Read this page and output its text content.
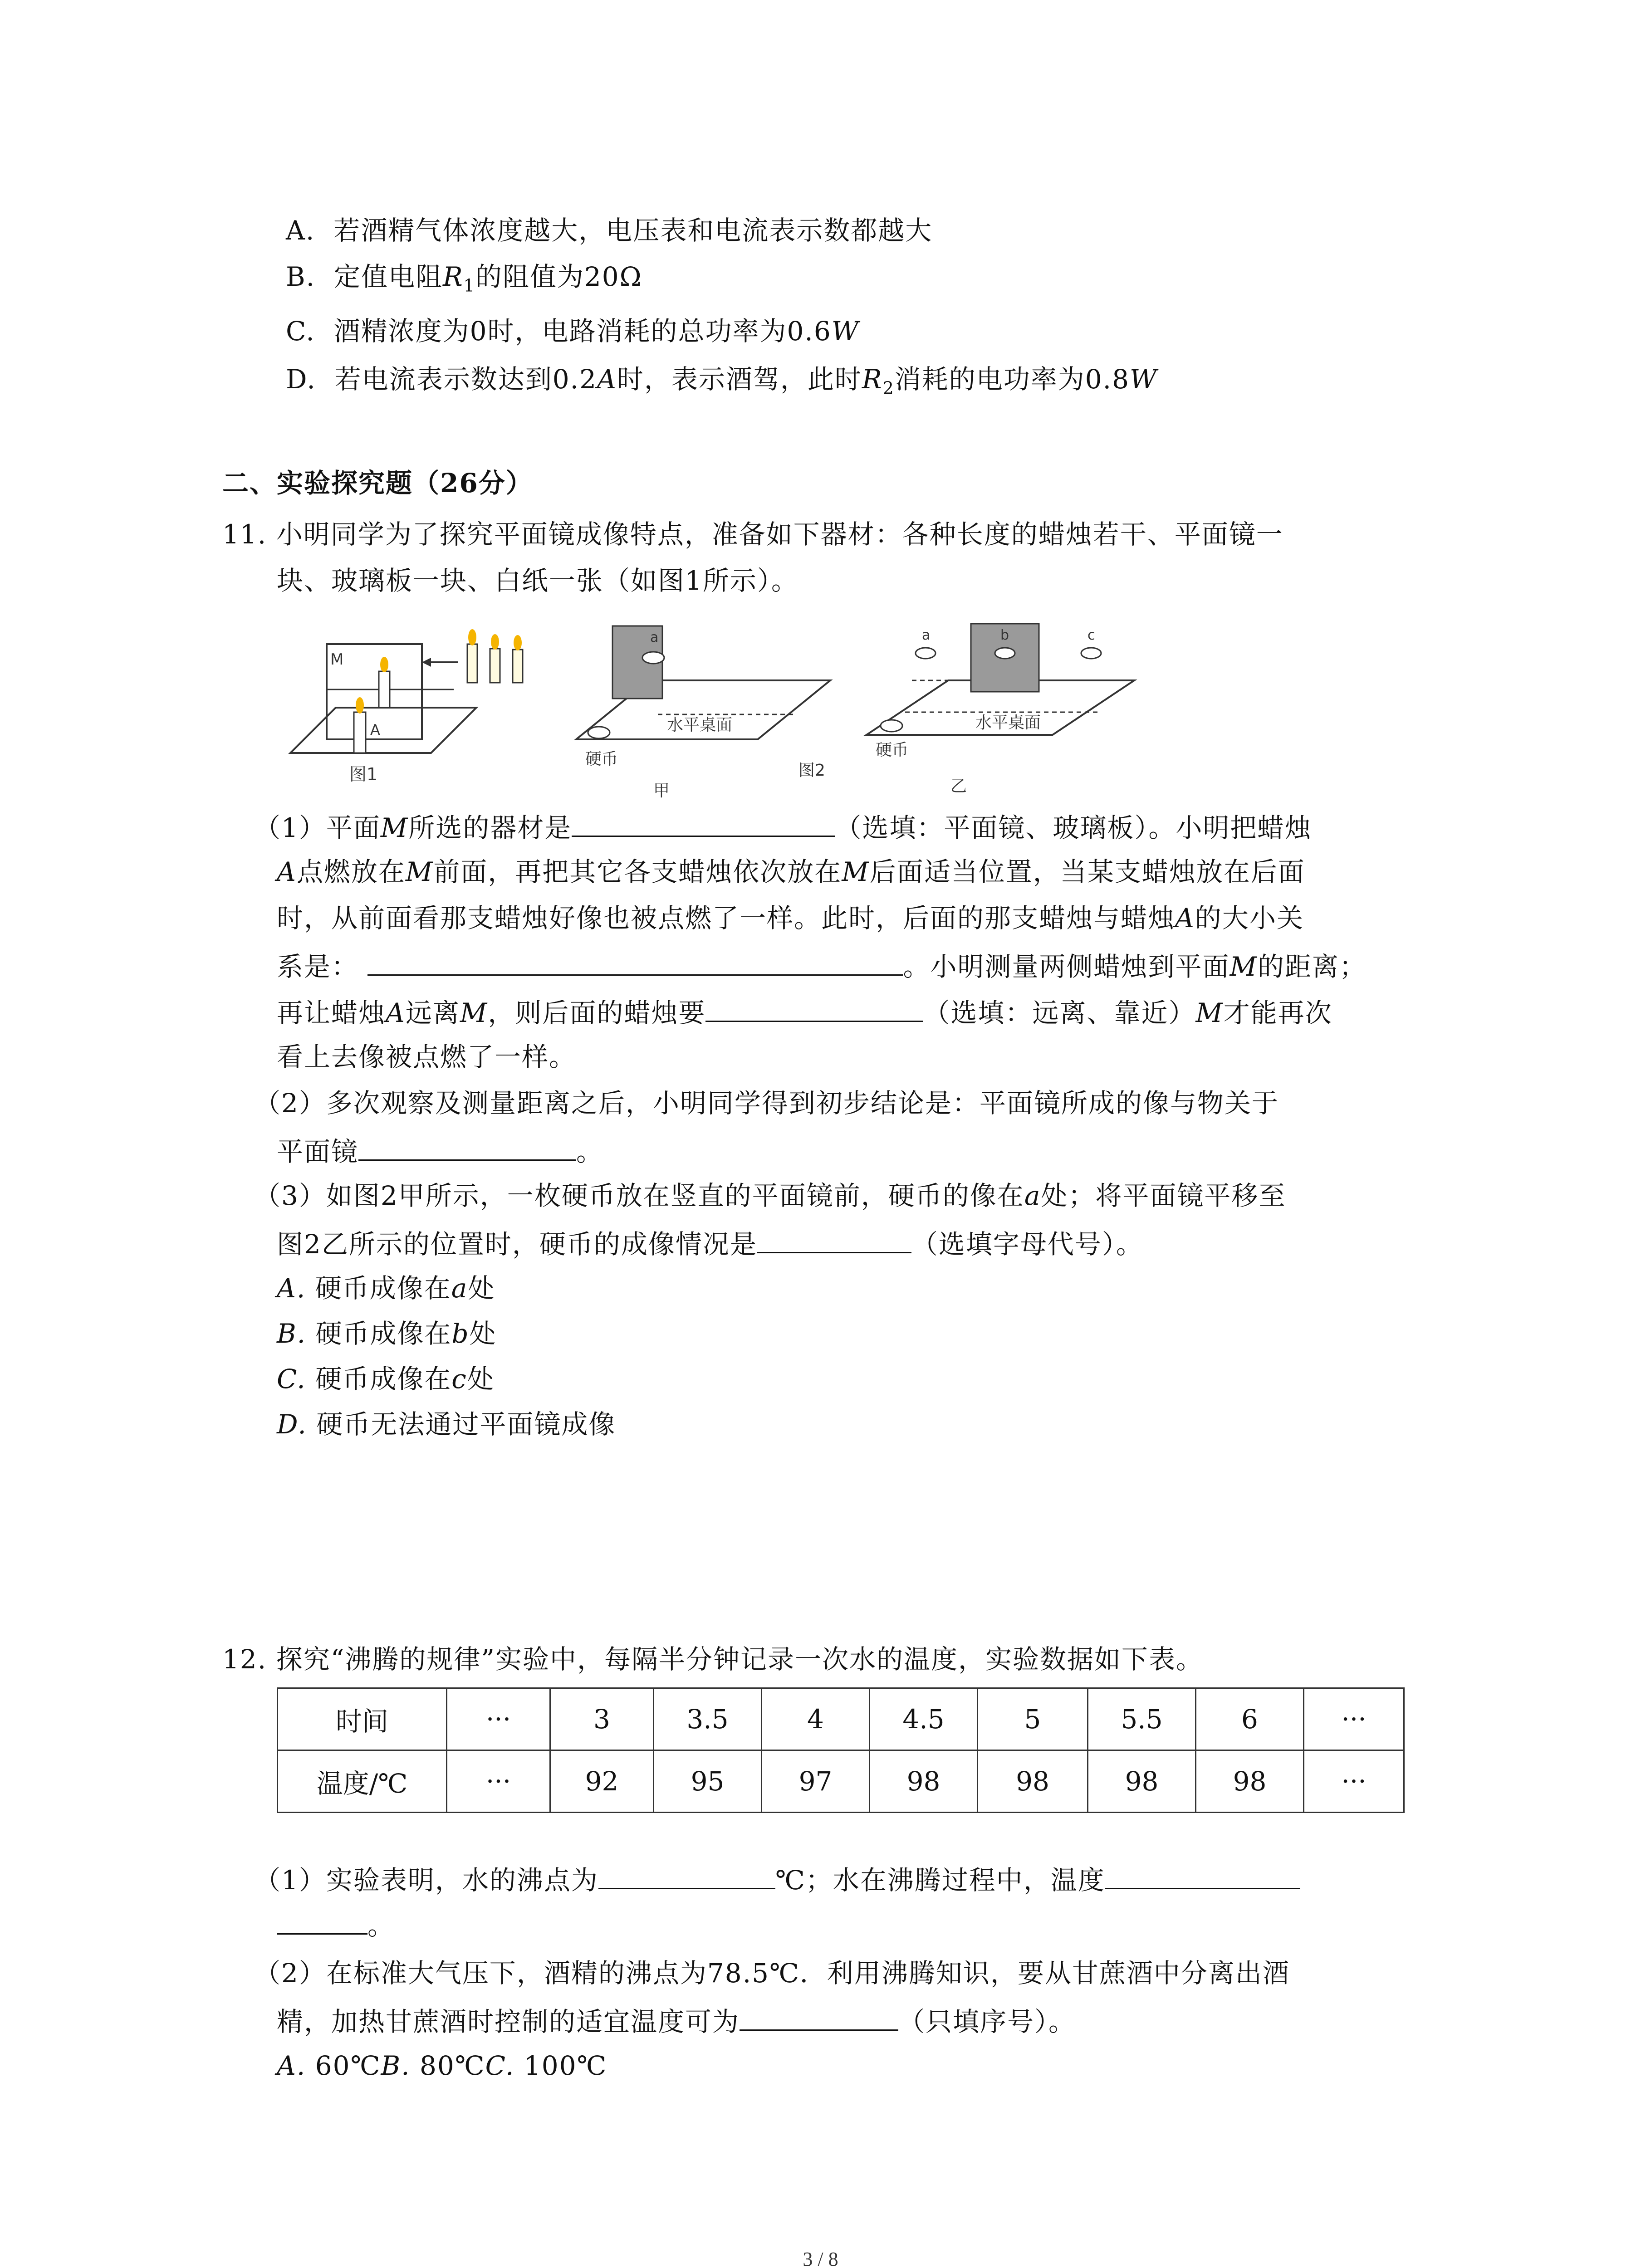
A. 若酒精气体浓度越大，电压表和电流表示数都越大
B. 定值电阻$R_1$的阻值为20Ω
C. 酒精浓度为0时，电路消耗的总功率为0.6W
D. 若电流表示数达到0.2A时，表示酒驾，此时$R_2$消耗的电功率为0.8W
二、实验探究题（26分）
11. 小明同学为了探究平面镜成像特点，准备如下器材：各种长度的蜡烛若干、平面镜一
块、玻璃板一块、白纸一张（如图1所示）。
M
A
图1
a
水平桌面
硬币
甲
图2
a	b	c
水平桌面
硬币
乙
（1）平面M所选的器材是	（选填：平面镜、玻璃板）。小明把蜡烛
A点燃放在M前面，再把其它各支蜡烛依次放在M后面适当位置，当某支蜡烛放在后面
时，从前面看那支蜡烛好像也被点燃了一样。此时，后面的那支蜡烛与蜡烛A的大小关
系是：	。小明测量两侧蜡烛到平面M的距离；
再让蜡烛A远离M，则后面的蜡烛要	（选填：远离、靠近）M才能再次
看上去像被点燃了一样。
（2）多次观察及测量距离之后，小明同学得到初步结论是：平面镜所成的像与物关于
平面镜	。
（3）如图2甲所示，一枚硬币放在竖直的平面镜前，硬币的像在a处；将平面镜平移至
图2乙所示的位置时，硬币的成像情况是	（选填字母代号）。
A. 硬币成像在a处
B. 硬币成像在b处
C. 硬币成像在c处
D. 硬币无法通过平面镜成像
12. 探究“沸腾的规律”实验中，每隔半分钟记录一次水的温度，实验数据如下表。
时间	···	3	3.5	4	4.5	5	5.5	6	···
温度/℃	···	92	95	97	98	98	98	98	···
（1）实验表明，水的沸点为	℃；水在沸腾过程中，温度
。
（2）在标准大气压下，酒精的沸点为78.5℃．利用沸腾知识，要从甘蔗酒中分离出酒
精，加热甘蔗酒时控制的适宜温度可为	（只填序号）。
A. 60℃B. 80℃C. 100℃
3 / 8
